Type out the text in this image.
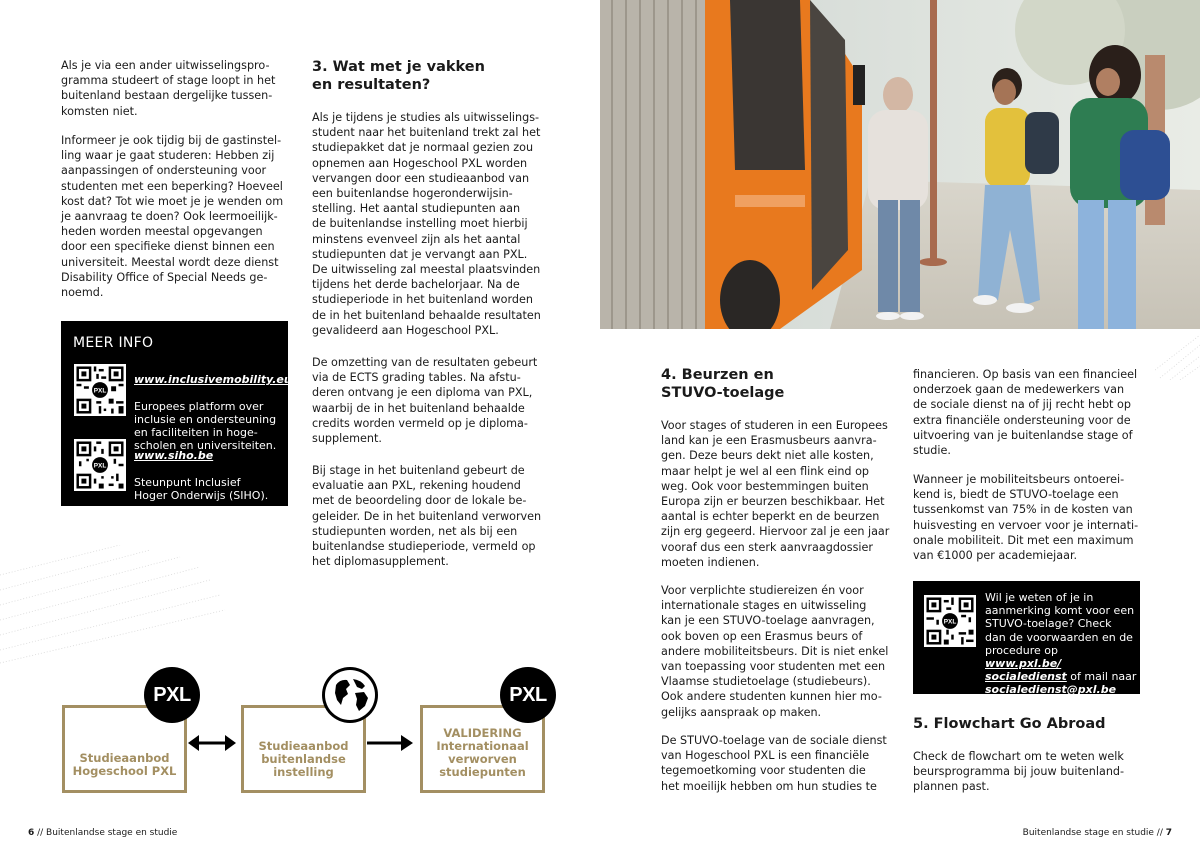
Als je via een ander uitwisselingspro-
gramma studeert of stage loopt in het
buitenland bestaan dergelijke tussen-
komsten niet.

Informeer je ook tijdig bij de gastinstel-
ling waar je gaat studeren: Hebben zij
aanpassingen of ondersteuning voor
studenten met een beperking? Hoeveel
kost dat? Tot wie moet je je wenden om
je aanvraag te doen? Ook leermoeilijk-
heden worden meestal opgevangen
door een specifieke dienst binnen een
universiteit. Meestal wordt deze dienst
Disability Office of Special Needs ge-
noemd.

MEER INFO
PXL

www.inclusivemobility.eu

Europees platform over
inclusie en ondersteuning
en faciliteiten in hoge-
scholen en universiteiten.

PXL

www.siho.be

Steunpunt Inclusief
Hoger Onderwijs (SIHO).

3. Wat met je vakken
en resultaten?

Als je tijdens je studies als uitwisselings-
student naar het buitenland trekt zal het
studiepakket dat je normaal gezien zou
opnemen aan Hogeschool PXL worden
vervangen door een studieaanbod van
een buitenlandse hogeronderwijsin-
stelling. Het aantal studiepunten aan
de buitenlandse instelling moet hierbij
minstens evenveel zijn als het aantal
studiepunten dat je vervangt aan PXL.
De uitwisseling zal meestal plaatsvinden
tijdens het derde bachelorjaar. Na de
studieperiode in het buitenland worden
de in het buitenland behaalde resultaten
gevalideerd aan Hogeschool PXL.

De omzetting van de resultaten gebeurt
via de ECTS grading tables. Na afstu-
deren ontvang je een diploma van PXL,
waarbij de in het buitenland behaalde
credits worden vermeld op je diploma-
supplement.

Bij stage in het buitenland gebeurt de
evaluatie aan PXL, rekening houdend
met de beoordeling door de lokale be-
geleider. De in het buitenland verworven
studiepunten worden, net als bij een
buitenlandse studieperiode, vermeld op
het diplomasupplement.

Studieaanbod
Hogeschool PXL
PXL
Studieaanbod
buitenlandse
instelling
VALIDERING
Internationaal
verworven
studiepunten
PXL
6 // Buitenlandse stage en studie
4. Beurzen en
STUVO-toelage

Voor stages of studeren in een Europees
land kan je een Erasmusbeurs aanvra-
gen. Deze beurs dekt niet alle kosten,
maar helpt je wel al een flink eind op
weg. Ook voor bestemmingen buiten
Europa zijn er beurzen beschikbaar. Het
aantal is echter beperkt en de beurzen
zijn erg gegeerd. Hiervoor zal je een jaar
vooraf dus een sterk aanvraagdossier
moeten indienen.

Voor verplichte studiereizen én voor
internationale stages en uitwisseling
kan je een STUVO-toelage aanvragen,
ook boven op een Erasmus beurs of
andere mobiliteitsbeurs. Dit is niet enkel
van toepassing voor studenten met een
Vlaamse studietoelage (studiebeurs).
Ook andere studenten kunnen hier mo-
gelijks aanspraak op maken.

De STUVO-toelage van de sociale dienst
van Hogeschool PXL is een financiële
tegemoetkoming voor studenten die
het moeilijk hebben om hun studies te

financieren. Op basis van een financieel
onderzoek gaan de medewerkers van
de sociale dienst na of jij recht hebt op
extra financiële ondersteuning voor de
uitvoering van je buitenlandse stage of
studie.

Wanneer je mobiliteitsbeurs ontoerei-
kend is, biedt de STUVO-toelage een
tussenkomst van 75% in de kosten van
huisvesting en vervoer voor je internati-
onale mobiliteit. Dit met een maximum
van €1000 per academiejaar.

PXL
Wil je weten of je in
aanmerking komt voor een
STUVO-toelage? Check
dan de voorwaarden en de
procedure op www.pxl.be/
socialedienst of mail naar socialedienst@pxl.be
5. Flowchart Go Abroad

Check de flowchart om te weten welk
beursprogramma bij jouw buitenland-
plannen past.

Buitenlandse stage en studie // 7
